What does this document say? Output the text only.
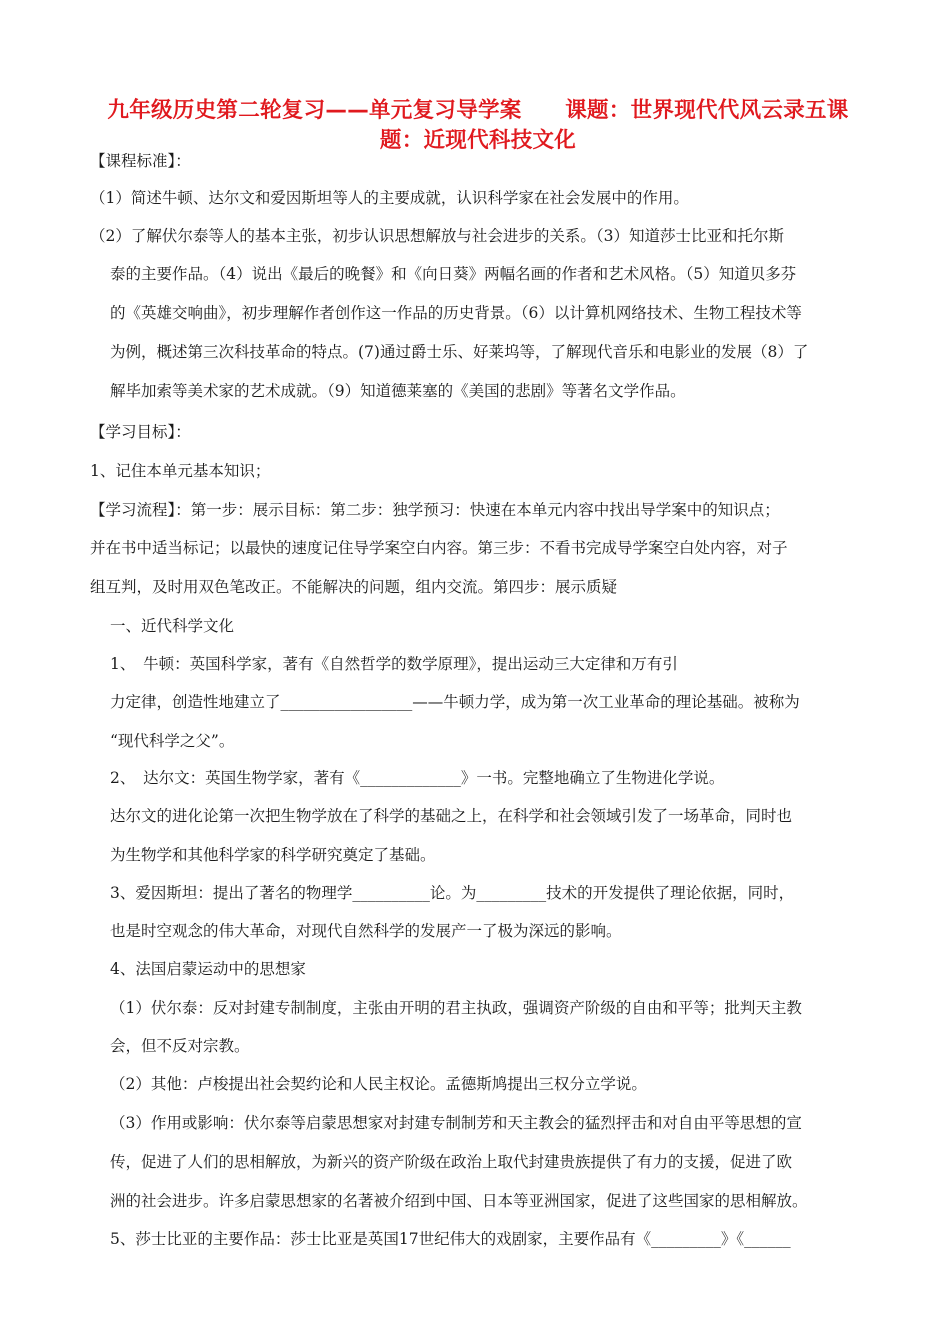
九年级历史第二轮复习——单元复习导学案　　课题：世界现代代风云录五课题：近现代科技文化
【课程标准】：
（1）简述牛顿、达尔文和爱因斯坦等人的主要成就，认识科学家在社会发展中的作用。
（2）了解伏尔泰等人的基本主张，初步认识思想解放与社会进步的关系。（3）知道莎士比亚和托尔斯
泰的主要作品。（4）说出《最后的晚餐》和《向日葵》两幅名画的作者和艺术风格。（5）知道贝多芬
的《英雄交响曲》，初步理解作者创作这一作品的历史背景。（6）以计算机网络技术、生物工程技术等
为例，概述第三次科技革命的特点。(7)通过爵士乐、好莱坞等，了解现代音乐和电影业的发展（8）了
解毕加索等美术家的艺术成就。（9）知道德莱塞的《美国的悲剧》等著名文学作品。
【学习目标】：
1、记住本单元基本知识；
【学习流程】：第一步：展示目标：第二步：独学预习：快速在本单元内容中找出导学案中的知识点；
并在书中适当标记；以最快的速度记住导学案空白内容。第三步：不看书完成导学案空白处内容，对子
组互判，及时用双色笔改正。不能解决的问题，组内交流。第四步：展示质疑
一、近代科学文化
1、　牛顿：英国科学家，著有《自然哲学的数学原理》，提出运动三大定律和万有引
力定律，创造性地建立了_________________——牛顿力学，成为第一次工业革命的理论基础。被称为
“现代科学之父”。
2、　达尔文：英国生物学家，著有《_____________》一书。完整地确立了生物进化学说。
达尔文的进化论第一次把生物学放在了科学的基础之上，在科学和社会领域引发了一场革命，同时也
为生物学和其他科学家的科学研究奠定了基础。
3、爱因斯坦：提出了著名的物理学__________论。为_________技术的开发提供了理论依据，同时，
也是时空观念的伟大革命，对现代自然科学的发展产一了极为深远的影响。
4、法国启蒙运动中的思想家
（1）伏尔泰：反对封建专制制度，主张由开明的君主执政，强调资产阶级的自由和平等；批判天主教
会，但不反对宗教。
（2）其他：卢梭提出社会契约论和人民主权论。孟德斯鸠提出三权分立学说。
（3）作用或影响：伏尔泰等启蒙思想家对封建专制制芳和天主教会的猛烈抨击和对自由平等思想的宣
传，促进了人们的思相解放，为新兴的资产阶级在政治上取代封建贵族提供了有力的支援，促进了欧
洲的社会进步。许多启蒙思想家的名著被介绍到中国、日本等亚洲国家，促进了这些国家的思相解放。
5、莎士比亚的主要作品：莎士比亚是英国17世纪伟大的戏剧家，主要作品有《_________》《______
